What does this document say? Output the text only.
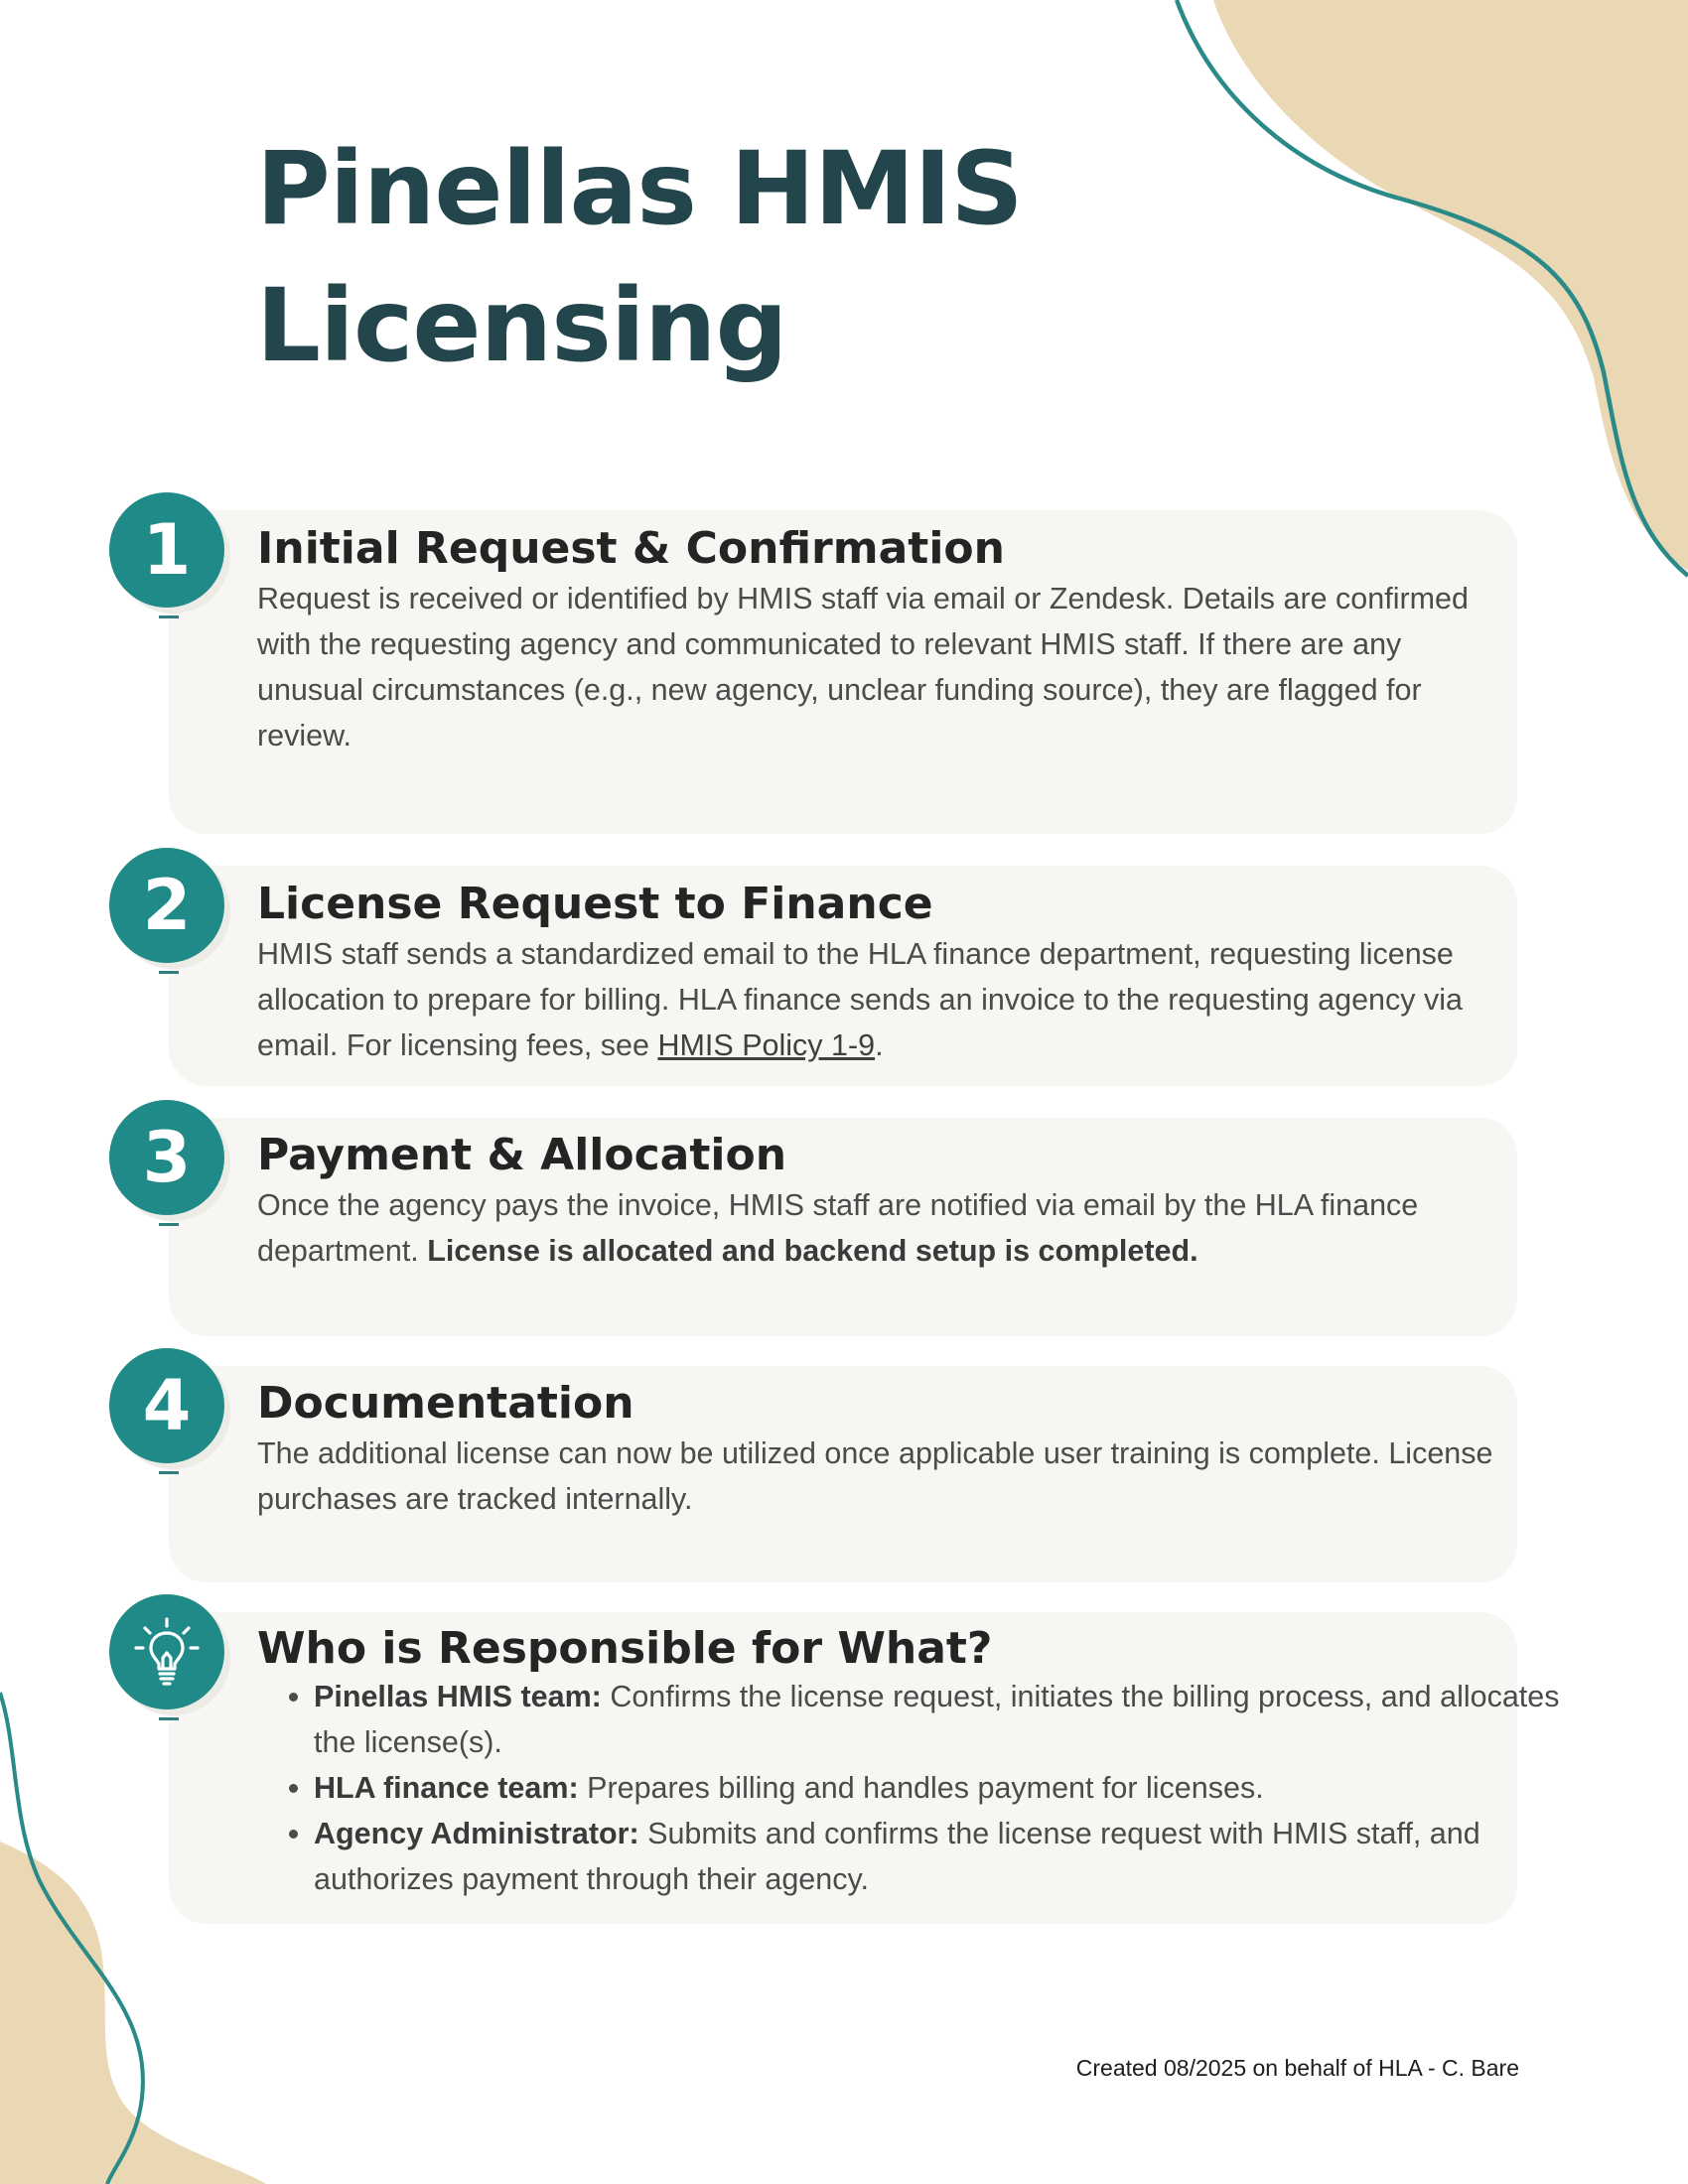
Pinellas HMIS
Licensing
1 Initial Request & Confirmation

Request is received or identified by HMIS staff via email or Zendesk. Details are confirmed with the requesting agency and communicated to relevant HMIS staff. If there are any unusual circumstances (e.g., new agency, unclear funding source), they are flagged for review.

2 License Request to Finance

HMIS staff sends a standardized email to the HLA finance department, requesting license allocation to prepare for billing. HLA finance sends an invoice to the requesting agency via email. For licensing fees, see HMIS Policy 1-9.

3 Payment & Allocation

Once the agency pays the invoice, HMIS staff are notified via email by the HLA finance department. License is allocated and backend setup is completed.

4 Documentation

The additional license can now be utilized once applicable user training is complete. License purchases are tracked internally.

Who is Responsible for What?
• Pinellas HMIS team: Confirms the license request, initiates the billing process, and allocates the license(s).
• HLA finance team: Prepares billing and handles payment for licenses.
• Agency Administrator: Submits and confirms the license request with HMIS staff, and authorizes payment through their agency.
Created 08/2025 on behalf of HLA - C. Bare
